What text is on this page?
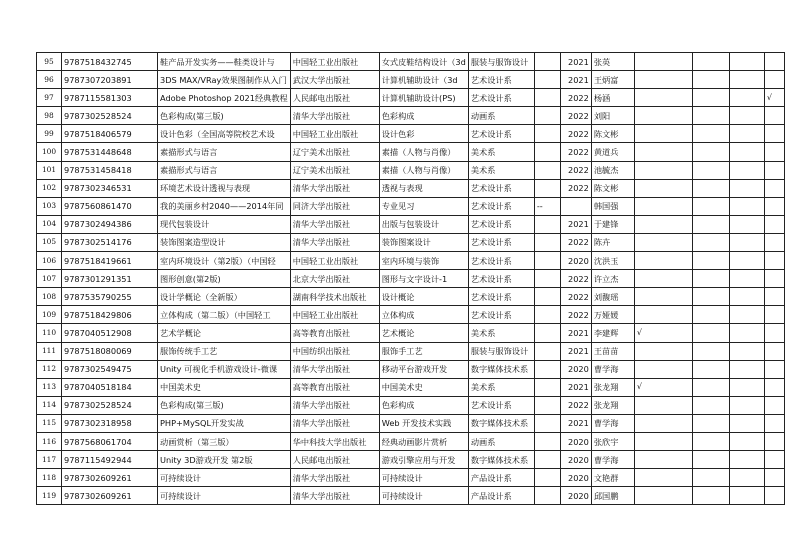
95	9787518432745	鞋产品开发实务——鞋类设计与	中国轻工业出版社	女式皮鞋结构设计（3d	服装与服饰设计		2021	张英				
96	9787307203891	3DS MAX/VRay效果图制作从入门	武汉大学出版社	计算机辅助设计（3d	艺术设计系		2021	王炳富				
97	9787115581303	Adobe Photoshop 2021经典教程	人民邮电出版社	计算机辅助设计(PS)	艺术设计系		2022	杨涵				√
98	9787302528524	色彩构成(第三版)	清华大学出版社	色彩构成	动画系		2022	刘阳				
99	9787518406579	设计色彩（全国高等院校艺术设	中国轻工业出版社	设计色彩	艺术设计系		2022	陈文彬				
100	9787531448648	素描形式与语言	辽宁美术出版社	素描（人物与肖像）	美术系		2022	黄道兵				
101	9787531458418	素描形式与语言	辽宁美术出版社	素描（人物与肖像）	美术系		2022	池毓杰				
102	9787302346531	环境艺术设计透视与表现	清华大学出版社	透视与表现	艺术设计系		2022	陈文彬				
103	9787560861470	我的美丽乡村2040——2014年同	同济大学出版社	专业见习	艺术设计系	--		韩国强				
104	9787302494386	现代包装设计	清华大学出版社	出版与包装设计	艺术设计系		2021	于建锋				
105	9787302514176	装饰图案造型设计	清华大学出版社	装饰图案设计	艺术设计系		2022	陈卉				
106	9787518419661	室内环境设计（第2版）（中国轻	中国轻工业出版社	室内环境与装饰	艺术设计系		2020	沈洪玉				
107	9787301291351	图形创意(第2版)	北京大学出版社	图形与文字设计-1	艺术设计系		2022	许立杰				
108	9787535790255	设计学概论（全新版）	湖南科学技术出版社	设计概论	艺术设计系		2022	刘馥瑶				
109	9787518429806	立体构成（第二版）（中国轻工	中国轻工业出版社	立体构成	艺术设计系		2022	万娅媛				
110	9787040512908	艺术学概论	高等教育出版社	艺术概论	美术系		2021	李建辉	√			
111	9787518080069	服饰传统手工艺	中国纺织出版社	服饰手工艺	服装与服饰设计		2021	王苗苗				
112	9787302549475	Unity 可视化手机游戏设计-微课	清华大学出版社	移动平台游戏开发	数字媒体技术系		2020	曹学海				
113	9787040518184	中国美术史	高等教育出版社	中国美术史	美术系		2021	张龙翔	√			
114	9787302528524	色彩构成(第三版)	清华大学出版社	色彩构成	艺术设计系		2022	张龙翔				
115	9787302318958	PHP+MySQL开发实战	清华大学出版社	Web 开发技术实践	数字媒体技术系		2021	曹学海				
116	9787568061704	动画赏析（第三版）	华中科技大学出版社	经典动画影片赏析	动画系		2020	张欣宇				
117	9787115492944	Unity 3D游戏开发 第2版	人民邮电出版社	游戏引擎应用与开发	数字媒体技术系		2020	曹学海				
118	9787302609261	可持续设计	清华大学出版社	可持续设计	产品设计系		2020	文艳群				
119	9787302609261	可持续设计	清华大学出版社	可持续设计	产品设计系		2020	邱国鹏				
